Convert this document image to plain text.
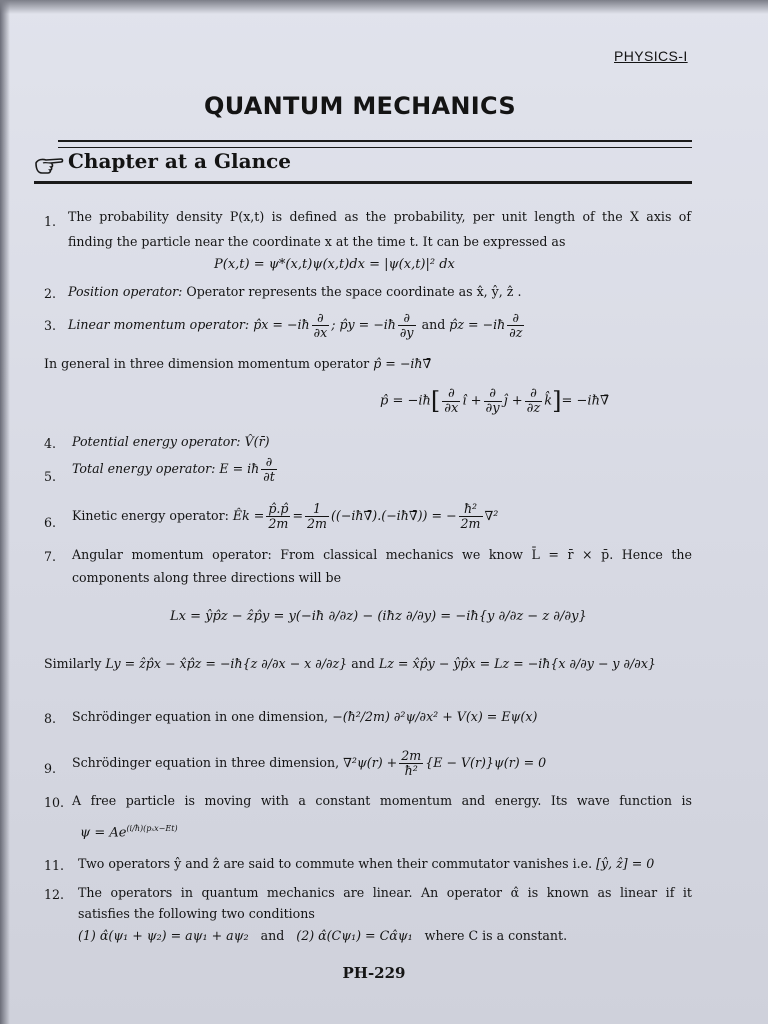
PHYSICS-I
QUANTUM MECHANICS
Chapter at a Glance
1. The probability density P(x,t) is defined as the probability, per unit length of the X axis of
finding the particle near the coordinate x at the time t. It can be expressed as
P(x,t) = ψ*(x,t)ψ(x,t)dx = |ψ(x,t)|² dx
2. Position operator: Operator represents the space coordinate as x̂, ŷ, ẑ .
3. Linear momentum operator: p̂x = −iħ $\frac{\partial}{\partial x}$ ; p̂y = −iħ $\frac{\partial}{\partial y}$ and p̂z = −iħ $\frac{\partial}{\partial z}$
In general in three dimension momentum operator p̂ = −iħ∇̄
p̂ = −iħ[ $\frac{\partial}{\partial x}$ î + $\frac{\partial}{\partial y}$ ĵ + $\frac{\partial}{\partial z}$ k̂]= −iħ∇̄
4. Potential energy operator: V̂(r̄)
5.
Total energy operator: E = iħ $\frac{\partial}{\partial t}$
6. Kinetic energy operator: Êk = $\frac{p̂.p̂}{2m} = \frac{1}{2m}$ ((−iħ∇̄).(−iħ∇̄)) = − $\frac{\text{ħ²}}{2m} \nabla^2$
7. Angular momentum operator: From classical mechanics we know L̄ = r̄ × p̄. Hence the
components along three directions will be
Lx = ŷp̂z − ẑp̂y = y(−iħ ∂/∂z) − (iħz ∂/∂y) = −iħ{y ∂/∂z − z ∂/∂y}
Similarly Ly = ẑp̂x − x̂p̂z = −iħ{z ∂/∂x − x ∂/∂z} and Lz = x̂p̂y − ŷp̂x = Lz = −iħ{x ∂/∂y − y ∂/∂x}
8. Schrödinger equation in one dimension, −(ħ²/2m) ∂²ψ/∂x² + V(x) = Eψ(x)
9. Schrödinger equation in three dimension, $\nabla^2\psi(r) + \frac{2m}{\text{ħ²}} \{E - V(r)\}\psi(r) = 0$
10. A free particle is moving with a constant momentum and energy. Its wave function is
$\psi = Ae^{(i/ħ)(p_xx-Et)}$
11. Two operators ŷ and ẑ are said to commute when their commutator vanishes i.e. [ŷ, ẑ] = 0
12. The operators in quantum mechanics are linear. An operator α̂ is known as linear if it
satisfies the following two conditions
(1) α̂(ψ₁ + ψ₂) = aψ₁ + aψ₂ and (2) α̂(Cψ₁) = Cα̂ψ₁ where C is a constant.
PH-229
